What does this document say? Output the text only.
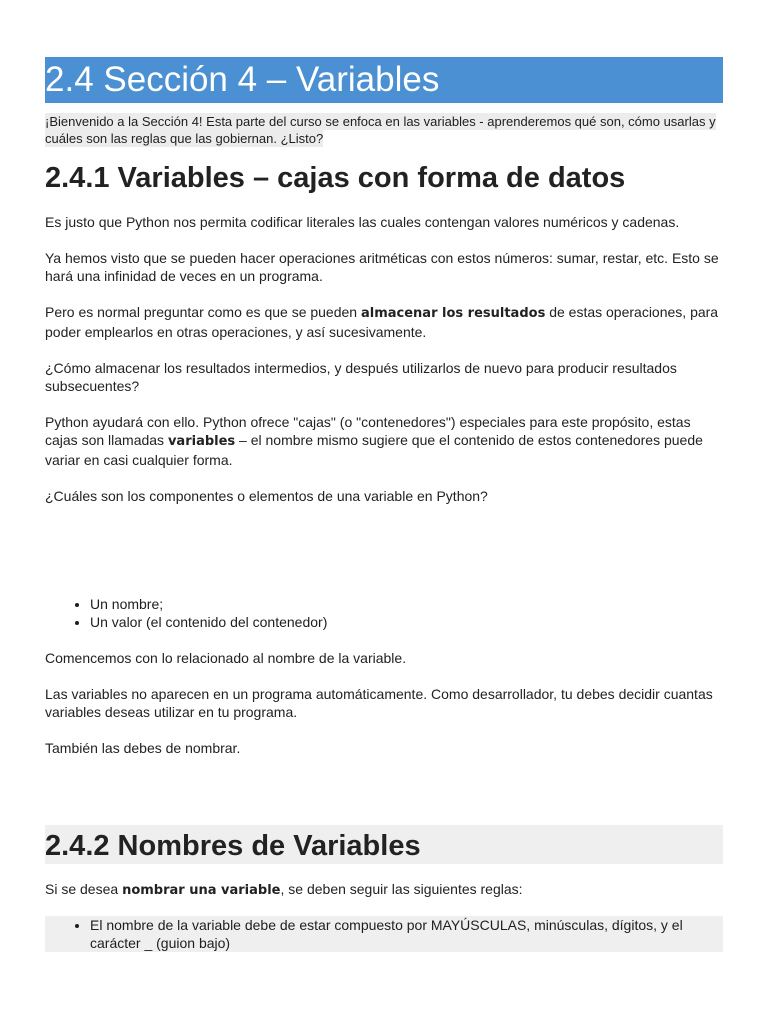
2.4 Sección 4 – Variables
¡Bienvenido a la Sección 4! Esta parte del curso se enfoca en las variables - aprenderemos qué son, cómo usarlas y cuáles son las reglas que las gobiernan. ¿Listo?
2.4.1 Variables – cajas con forma de datos

Es justo que Python nos permita codificar literales las cuales contengan valores numéricos y cadenas.

Ya hemos visto que se pueden hacer operaciones aritméticas con estos números: sumar, restar, etc. Esto se hará una infinidad de veces en un programa.

Pero es normal preguntar como es que se pueden almacenar los resultados de estas operaciones, para poder emplearlos en otras operaciones, y así sucesivamente.

¿Cómo almacenar los resultados intermedios, y después utilizarlos de nuevo para producir resultados subsecuentes?

Python ayudará con ello. Python ofrece "cajas" (o "contenedores") especiales para este propósito, estas cajas son llamadas variables – el nombre mismo sugiere que el contenido de estos contenedores puede variar en casi cualquier forma.

¿Cuáles son los componentes o elementos de una variable en Python?

• Un nombre;
• Un valor (el contenido del contenedor)

Comencemos con lo relacionado al nombre de la variable.

Las variables no aparecen en un programa automáticamente. Como desarrollador, tu debes decidir cuantas variables deseas utilizar en tu programa.

También las debes de nombrar.

2.4.2 Nombres de Variables

Si se desea nombrar una variable, se deben seguir las siguientes reglas:

• El nombre de la variable debe de estar compuesto por MAYÚSCULAS, minúsculas, dígitos, y el carácter _ (guion bajo)
